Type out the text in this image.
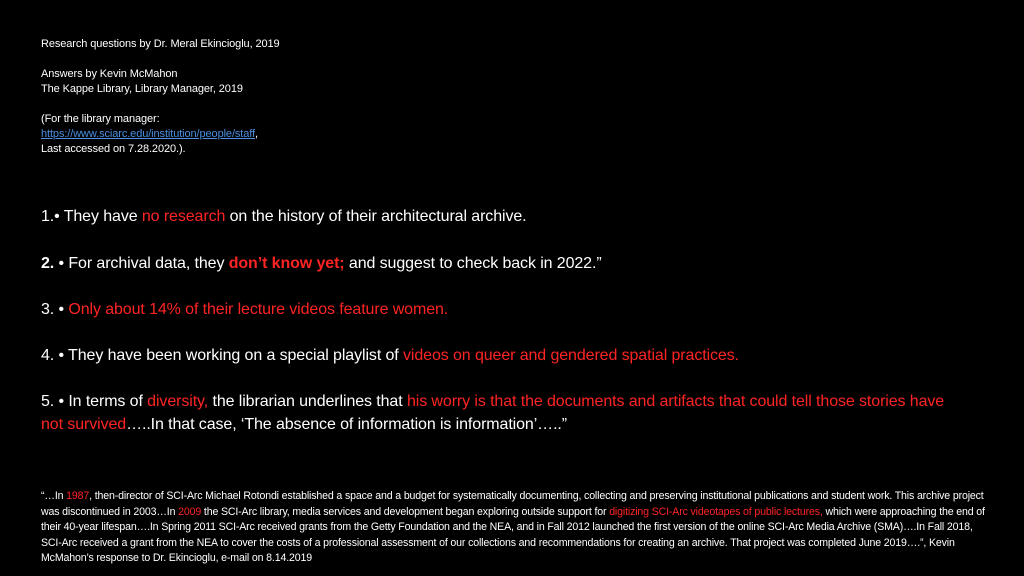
Research questions by Dr. Meral Ekincioglu, 2019

Answers by Kevin McMahon

The Kappe Library, Library Manager, 2019

(For the library manager:

https://www.sciarc.edu/institution/people/staff,

Last accessed on 7.28.2020.).

1.• They have no research on the history of their architectural archive.

2. • For archival data, they don’t know yet; and suggest to check back in 2022.”

3. • Only about 14% of their lecture videos feature women.

4. • They have been working on a special playlist of videos on queer and gendered spatial practices.

5. • In terms of diversity, the librarian underlines that his worry is that the documents and artifacts that could tell those stories have not survived…..In that case, ‘The absence of information is information’…..”

“…In 1987, then-director of SCI-Arc Michael Rotondi established a space and a budget for systematically documenting, collecting and preserving institutional publications and student work. This archive project was discontinued in 2003…In 2009 the SCI-Arc library, media services and development began exploring outside support for digitizing SCI-Arc videotapes of public lectures, which were approaching the end of their 40-year lifespan….In Spring 2011 SCI-Arc received grants from the Getty Foundation and the NEA, and in Fall 2012 launched the first version of the online SCI-Arc Media Archive (SMA)….In Fall 2018, SCI-Arc received a grant from the NEA to cover the costs of a professional assessment of our collections and recommendations for creating an archive. That project was completed June 2019….”, Kevin McMahon’s response to Dr. Ekincioglu, e-mail on 8.14.2019
